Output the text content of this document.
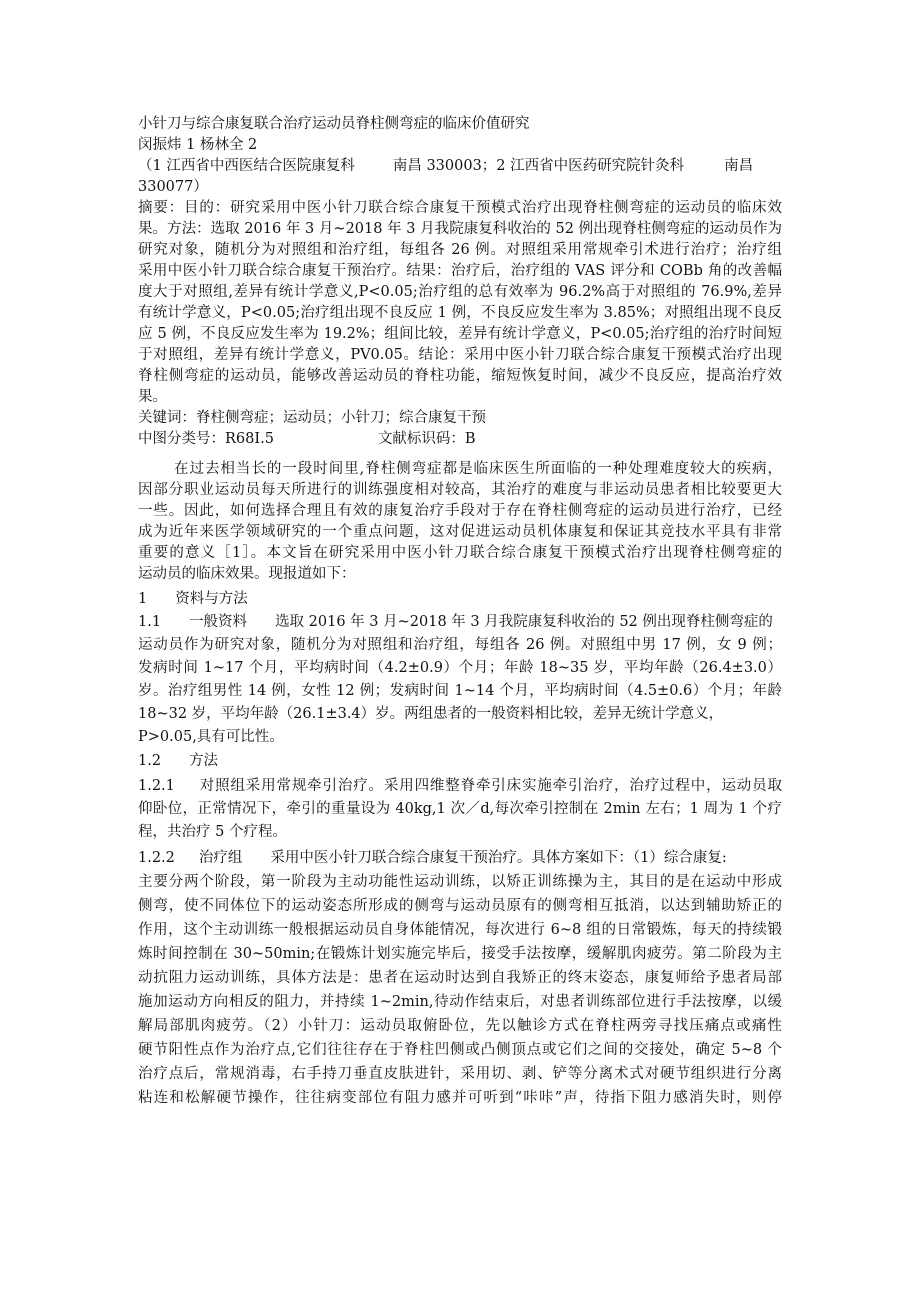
小针刀与综合康复联合治疗运动员脊柱侧弯症的临床价值研究
闵振炜 1 杨林全 2
（1 江西省中西医结合医院康复科	南昌 330003；2 江西省中医药研究院针灸科	南昌
330077）
摘要：目的：研究采用中医小针刀联合综合康复干预模式治疗出现脊柱侧弯症的运动员的临床效
果。方法：选取 2016 年 3 月~2018 年 3 月我院康复科收治的 52 例出现脊柱侧弯症的运动员作为
研究对象，随机分为对照组和治疗组，每组各 26 例。对照组采用常规牵引术进行治疗；治疗组
采用中医小针刀联合综合康复干预治疗。结果：治疗后，治疗组的 VAS 评分和 COBb 角的改善幅
度大于对照组,差异有统计学意义,P<0.05;治疗组的总有效率为 96.2%高于对照组的 76.9%,差异
有统计学意义，P<0.05;治疗组出现不良反应 1 例，不良反应发生率为 3.85%；对照组出现不良反
应 5 例，不良反应发生率为 19.2%；组间比较，差异有统计学意义，P<0.05;治疗组的治疗时间短
于对照组，差异有统计学意义，PV0.05。结论：采用中医小针刀联合综合康复干预模式治疗出现
脊柱侧弯症的运动员，能够改善运动员的脊柱功能，缩短恢复时间，减少不良反应，提高治疗效
果。
关键词：脊柱侧弯症；运动员；小针刀；综合康复干预
中图分类号：R68I.5	文献标识码：B
在过去相当长的一段时间里,脊柱侧弯症都是临床医生所面临的一种处理难度较大的疾病，
因部分职业运动员每天所进行的训练强度相对较高，其治疗的难度与非运动员患者相比较要更大
一些。因此，如何选择合理且有效的康复治疗手段对于存在脊柱侧弯症的运动员进行治疗，已经
成为近年来医学领域研究的一个重点问题，这对促进运动员机体康复和保证其竞技水平具有非常
重要的意义［1］。本文旨在研究采用中医小针刀联合综合康复干预模式治疗出现脊柱侧弯症的
运动员的临床效果。现报道如下：
1 资料与方法
1.1 一般资料 选取 2016 年 3 月~2018 年 3 月我院康复科收治的 52 例出现脊柱侧弯症的
运动员作为研究对象，随机分为对照组和治疗组，每组各 26 例。对照组中男 17 例，女 9 例；
发病时间 1~17 个月，平均病时间（4.2±0.9）个月；年龄 18~35 岁，平均年龄（26.4±3.0）
岁。治疗组男性 14 例，女性 12 例；发病时间 1~14 个月，平均病时间（4.5±0.6）个月；年龄
18~32 岁，平均年龄（26.1±3.4）岁。两组患者的一般资料相比较，差异无统计学意义，
P>0.05,具有可比性。
1.2 方法
1.2.1 对照组采用常规牵引治疗。采用四维整脊牵引床实施牵引治疗，治疗过程中，运动员取
仰卧位，正常情况下，牵引的重量设为 40kg,1 次／d,每次牵引控制在 2min 左右；1 周为 1 个疗
程，共治疗 5 个疗程。
1.2.2 治疗组 采用中医小针刀联合综合康复干预治疗。具体方案如下：（1）综合康复:
主要分两个阶段，第一阶段为主动功能性运动训练，以矫正训练操为主，其目的是在运动中形成
侧弯，使不同体位下的运动姿态所形成的侧弯与运动员原有的侧弯相互抵消，以达到辅助矫正的
作用，这个主动训练一般根据运动员自身体能情况，每次进行 6~8 组的日常锻炼，每天的持续锻
炼时间控制在 30~50min;在锻炼计划实施完毕后，接受手法按摩，缓解肌肉疲劳。第二阶段为主
动抗阻力运动训练，具体方法是：患者在运动时达到自我矫正的终末姿态，康复师给予患者局部
施加运动方向相反的阻力，并持续 1~2min,待动作结束后，对患者训练部位进行手法按摩，以缓
解局部肌肉疲劳。（2）小针刀：运动员取俯卧位，先以触诊方式在脊柱两旁寻找压痛点或痛性
硬节阳性点作为治疗点,它们往往存在于脊柱凹侧或凸侧顶点或它们之间的交接处，确定 5~8 个
治疗点后，常规消毒，右手持刀垂直皮肤进针，采用切、剥、铲等分离术式对硬节组织进行分离
粘连和松解硬节操作，往往病变部位有阻力感并可听到“咔咔”声，待指下阻力感消失时，则停
